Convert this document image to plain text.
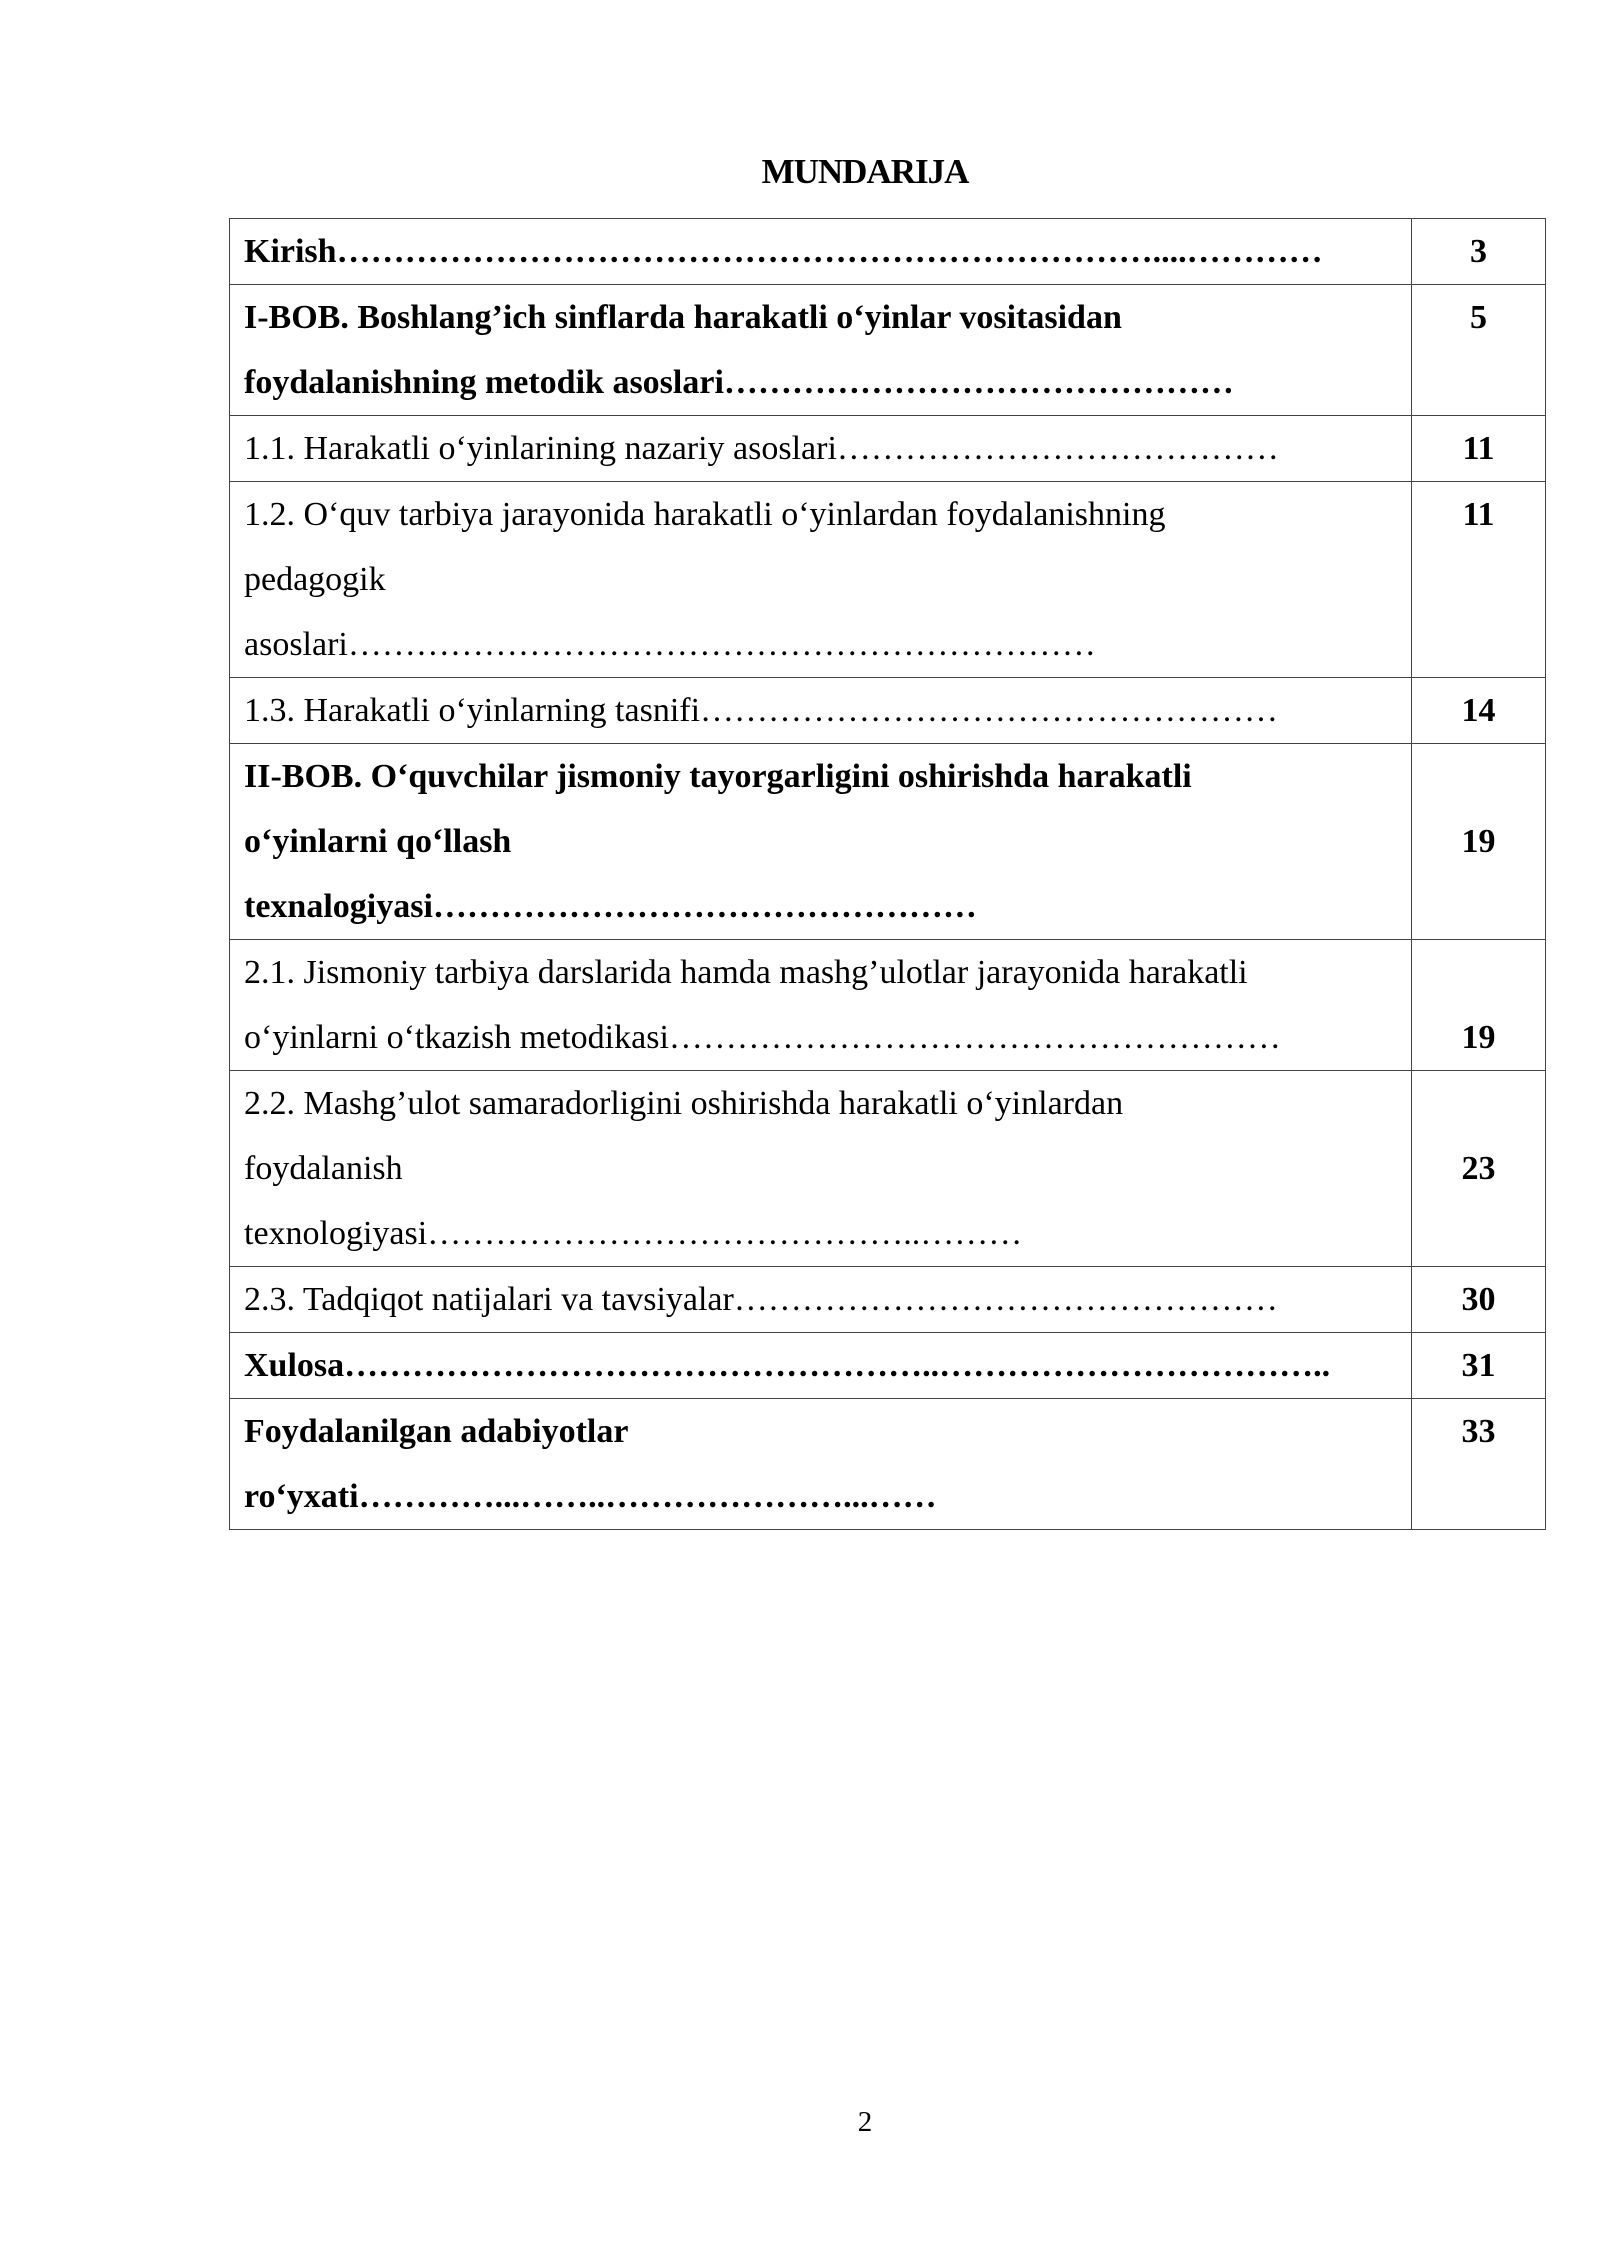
MUNDARIJA
Kirish………………………………………………………………....…………	3

I-BOB. Boshlang’ich sinflarda harakatli o‘yinlar vositasidan
foydalanishning metodik asoslari………………………………………	5

1.1. Harakatli o‘yinlarining nazariy asoslari…………………………………	11

1.2. O‘quv tarbiya jarayonida harakatli o‘yinlardan foydalanishning
pedagogik
asoslari…………………………………………………………	11

1.3. Harakatli o‘yinlarning tasnifi……………………………………………	14

II-BOB. O‘quvchilar jismoniy tayorgarligini oshirishda harakatli
o‘yinlarni qo‘llash
texnalogiyasi…………………………………………	19

2.1. Jismoniy tarbiya darslarida hamda mashg’ulotlar jarayonida harakatli
o‘yinlarni o‘tkazish metodikasi………………………………………………	19

2.2. Mashg’ulot samaradorligini oshirishda harakatli o‘yinlardan
foydalanish
texnologiyasi……………………………………..………	23

2.3. Tadqiqot natijalari va tavsiyalar…………………………………………	30

Xulosa……………………………………………..……………………………..	31

Foydalanilgan adabiyotlar
ro‘yxati…………...……..…………………...……	33
2
